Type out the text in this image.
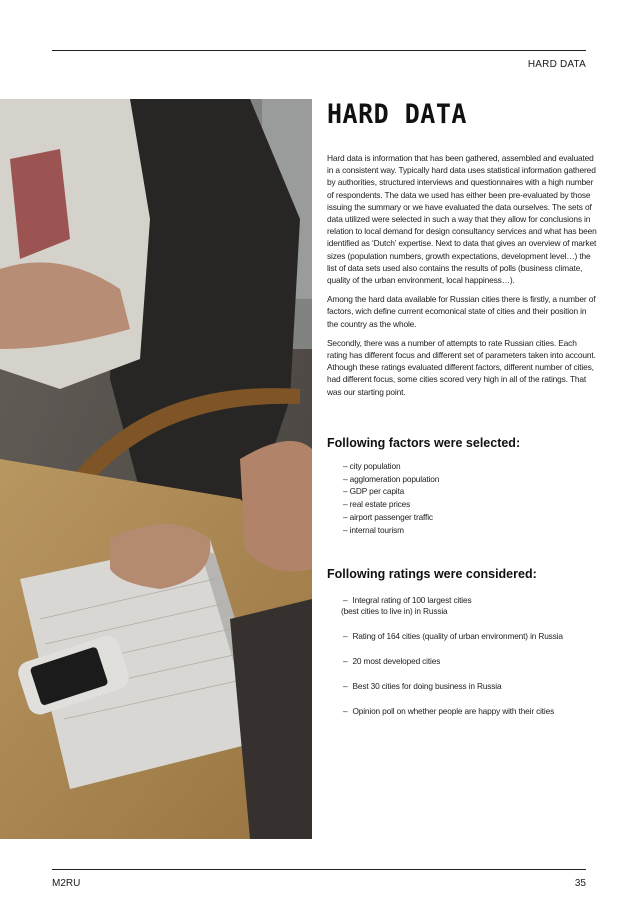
HARD DATA
HARD DATA

Hard data is information that has been gathered, assembled and evaluated in a consistent way. Typically hard data uses statistical information gathered by authorities, structured interviews and questionnaires with a high number of respondents. The data we used has either been pre-evaluated by those issuing the summary or we have evaluated the data ourselves. The sets of data utilized were selected in such a way that they allow for conclusions in relation to local demand for design consultancy services and what has been identified as ‘Dutch’ expertise. Next to data that gives an overview of market sizes (population numbers, growth expectations, development level…) the list of data sets used also contains the results of polls (business climate, quality of the urban environment, local happiness…).

Among the hard data available for Russian cities there is firstly, a number of factors, wich define current ecomonical state of cities and their position in the country as the whole.

Secondly, there was a number of attempts to rate Russian cities. Each rating has different focus and different set of parameters taken into account. Athough these ratings evaluated different factors, different number of cities, had different focus, some cities scored very high in all of the ratings. That was our starting point.

Following factors were selected:
– city population
– agglomeration population
– GDP per capita
– real estate prices
– airport passenger traffic
– internal tourism
Following ratings were considered:
– Integral rating of 100 largest cities
(best cities to live in) in Russia
– Rating of 164 cities (quality of urban environment) in Russia
– 20 most developed cities
– Best 30 cities for doing business in Russia
– Opinion poll on whether people are happy with their cities
M2RU	35
